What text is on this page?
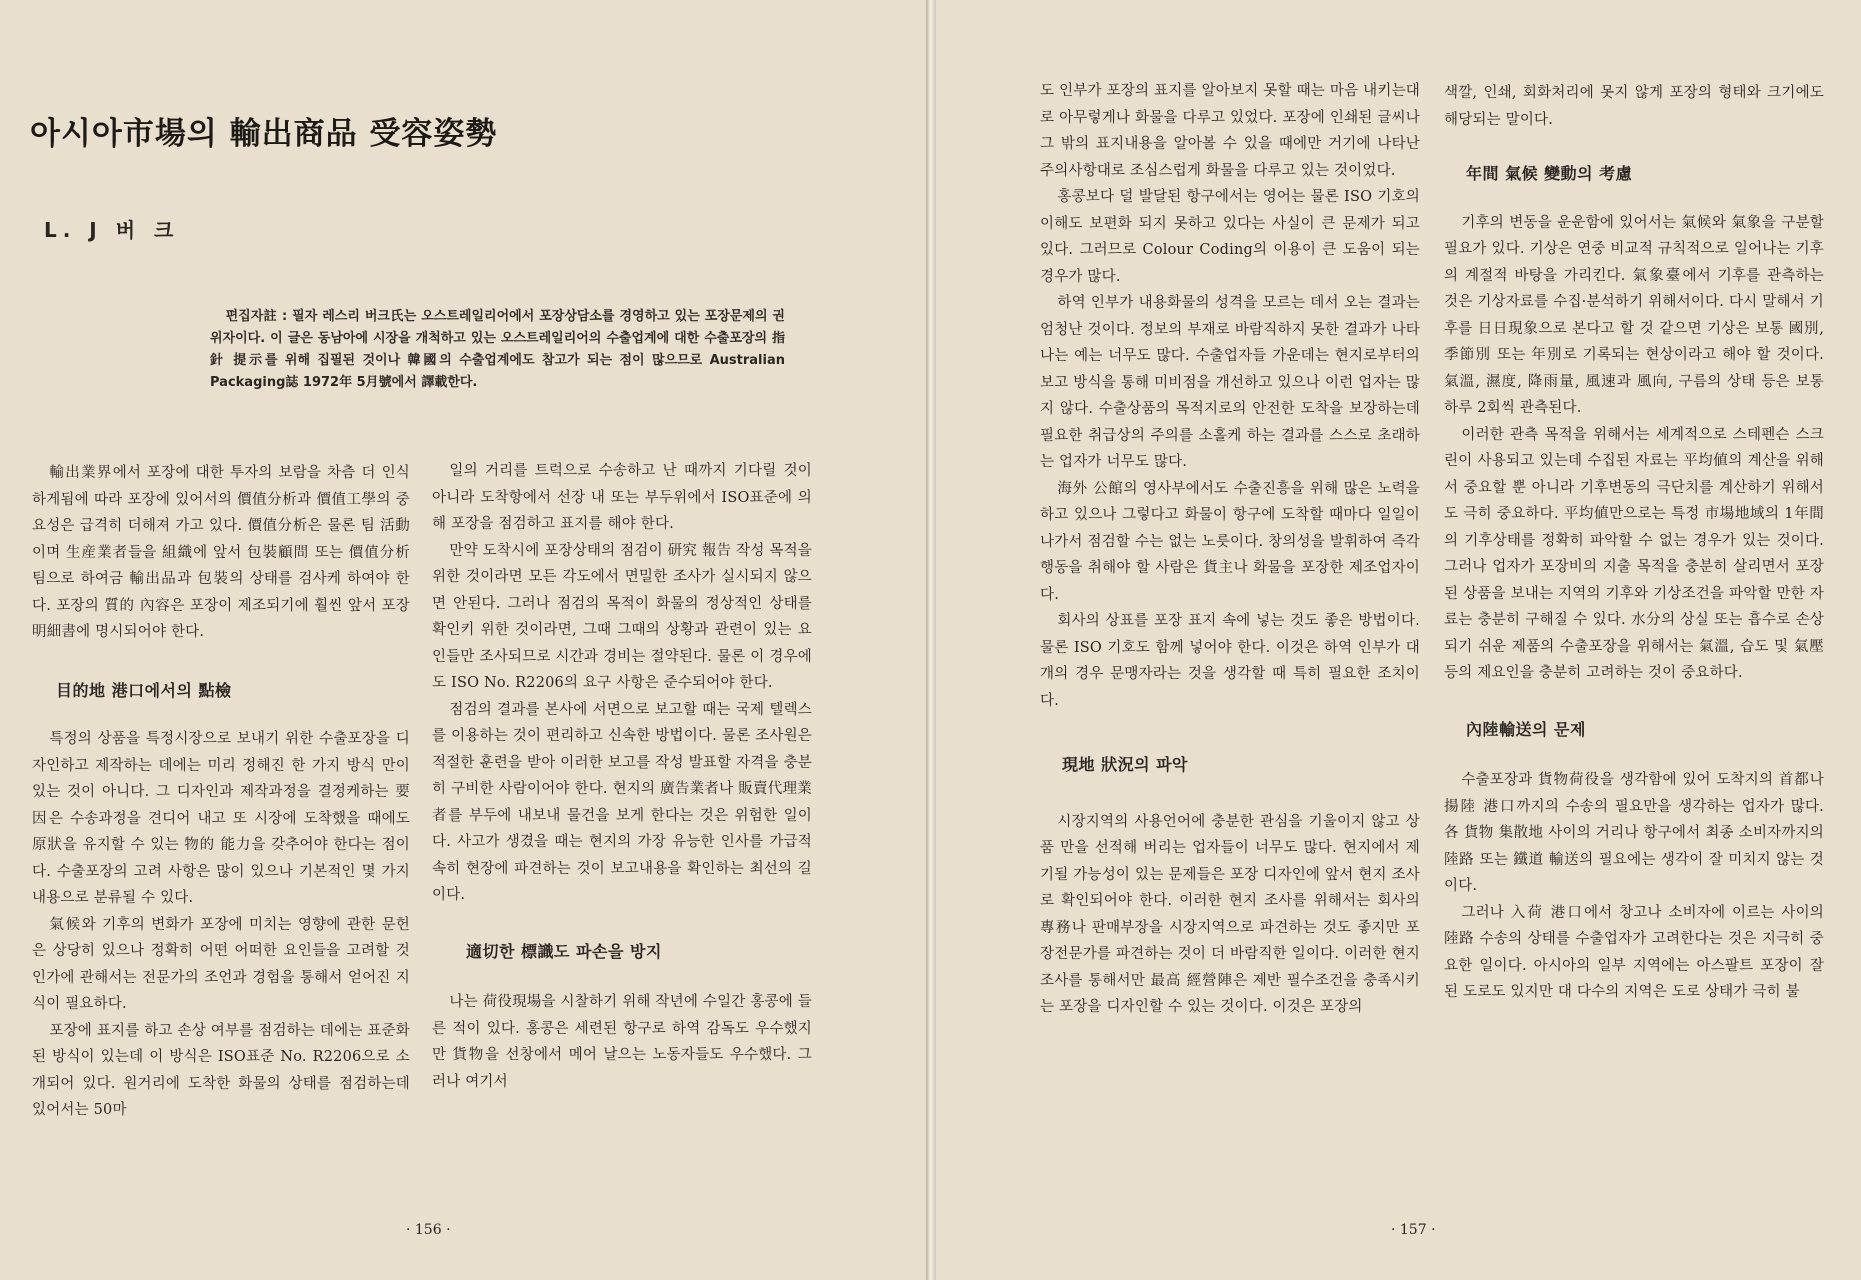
아시아市場의 輸出商品 受容姿勢
L. J 버 크
편집자註 : 필자 레스리 버크氏는 오스트레일리어에서 포장상담소를 경영하고 있는 포장문제의 권위자이다. 이 글은 동남아에 시장을 개척하고 있는 오스트레일리어의 수출업계에 대한 수출포장의 指針 提示를 위해 집필된 것이나 韓國의 수출업계에도 참고가 되는 점이 많으므로 Australian Packaging誌 1972年 5月號에서 譯載한다.

輸出業界에서 포장에 대한 투자의 보람을 차츰 더 인식하게됨에 따라 포장에 있어서의 價值分析과 價值工學의 중요성은 급격히 더해져 가고 있다. 價值分析은 물론 팀 活動이며 生産業者들을 組織에 앞서 包裝顧問 또는 價值分析 팀으로 하여금 輸出品과 包裝의 상태를 검사케 하여야 한다. 포장의 質的 內容은 포장이 제조되기에 훨씬 앞서 포장明細書에 명시되어야 한다.

目的地 港口에서의 點檢

특정의 상품을 특정시장으로 보내기 위한 수출포장을 디자인하고 제작하는 데에는 미리 정해진 한 가지 방식 만이 있는 것이 아니다. 그 디자인과 제작과정을 결정케하는 要因은 수송과정을 견디어 내고 또 시장에 도착했을 때에도 原狀을 유지할 수 있는 物的 能力을 갖추어야 한다는 점이다. 수출포장의 고려 사항은 많이 있으나 기본적인 몇 가지 내용으로 분류될 수 있다.

氣候와 기후의 변화가 포장에 미치는 영향에 관한 문헌은 상당히 있으나 정확히 어떤 어떠한 요인들을 고려할 것인가에 관해서는 전문가의 조언과 경험을 통해서 얻어진 지식이 필요하다.

포장에 표지를 하고 손상 여부를 점검하는 데에는 표준화된 방식이 있는데 이 방식은 ISO표준 No. R2206으로 소개되어 있다. 원거리에 도착한 화물의 상태를 점검하는데 있어서는 50마

일의 거리를 트럭으로 수송하고 난 때까지 기다릴 것이 아니라 도착항에서 선장 내 또는 부두위에서 ISO표준에 의해 포장을 점검하고 표지를 해야 한다.

만약 도착시에 포장상태의 점검이 研究 報告 작성 목적을 위한 것이라면 모든 각도에서 면밀한 조사가 실시되지 않으면 안된다. 그러나 점검의 목적이 화물의 정상적인 상태를 확인키 위한 것이라면, 그때 그때의 상황과 관련이 있는 요인들만 조사되므로 시간과 경비는 절약된다. 물론 이 경우에도 ISO No. R2206의 요구 사항은 준수되어야 한다.

점검의 결과를 본사에 서면으로 보고할 때는 국제 텔렉스를 이용하는 것이 편리하고 신속한 방법이다. 물론 조사원은 적절한 훈련을 받아 이러한 보고를 작성 발표할 자격을 충분히 구비한 사람이어야 한다. 현지의 廣告業者나 販賣代理業者를 부두에 내보내 물건을 보게 한다는 것은 위험한 일이다. 사고가 생겼을 때는 현지의 가장 유능한 인사를 가급적 속히 현장에 파견하는 것이 보고내용을 확인하는 최선의 길이다.

適切한 標識도 파손을 방지

나는 荷役現場을 시찰하기 위해 작년에 수일간 홍콩에 들른 적이 있다. 홍콩은 세련된 항구로 하역 감독도 우수했지만 貨物을 선창에서 메어 날으는 노동자들도 우수했다. 그러나 여기서

· 156 ·

도 인부가 포장의 표지를 알아보지 못할 때는 마음 내키는대로 아무렇게나 화물을 다루고 있었다. 포장에 인쇄된 글씨나 그 밖의 표지내용을 알아볼 수 있을 때에만 거기에 나타난 주의사항대로 조심스럽게 화물을 다루고 있는 것이었다.

홍콩보다 덜 발달된 항구에서는 영어는 물론 ISO 기호의 이해도 보편화 되지 못하고 있다는 사실이 큰 문제가 되고 있다. 그러므로 Colour Coding의 이용이 큰 도움이 되는 경우가 많다.

하역 인부가 내용화물의 성격을 모르는 데서 오는 결과는 엄청난 것이다. 정보의 부재로 바람직하지 못한 결과가 나타나는 예는 너무도 많다. 수출업자들 가운데는 현지로부터의 보고 방식을 통해 미비점을 개선하고 있으나 이런 업자는 많지 않다. 수출상품의 목적지로의 안전한 도착을 보장하는데 필요한 취급상의 주의를 소홀케 하는 결과를 스스로 초래하는 업자가 너무도 많다.

海外 公館의 영사부에서도 수출진흥을 위해 많은 노력을 하고 있으나 그렇다고 화물이 항구에 도착할 때마다 일일이 나가서 점검할 수는 없는 노릇이다. 창의성을 발휘하여 즉각 행동을 취해야 할 사람은 貨主나 화물을 포장한 제조업자이다.

회사의 상표를 포장 표지 속에 넣는 것도 좋은 방법이다. 물론 ISO 기호도 함께 넣어야 한다. 이것은 하역 인부가 대개의 경우 문맹자라는 것을 생각할 때 특히 필요한 조치이다.

現地 狀況의 파악

시장지역의 사용언어에 충분한 관심을 기울이지 않고 상품 만을 선적해 버리는 업자들이 너무도 많다. 현지에서 제기될 가능성이 있는 문제들은 포장 디자인에 앞서 현지 조사로 확인되어야 한다. 이러한 현지 조사를 위해서는 회사의 專務나 판매부장을 시장지역으로 파견하는 것도 좋지만 포장전문가를 파견하는 것이 더 바람직한 일이다. 이러한 현지 조사를 통해서만 最高 經營陣은 제반 필수조건을 충족시키는 포장을 디자인할 수 있는 것이다. 이것은 포장의

색깔, 인쇄, 회화처리에 못지 않게 포장의 형태와 크기에도 해당되는 말이다.

年間 氣候 變動의 考慮

기후의 변동을 운운함에 있어서는 氣候와 氣象을 구분할 필요가 있다. 기상은 연중 비교적 규칙적으로 일어나는 기후의 계절적 바탕을 가리킨다. 氣象臺에서 기후를 관측하는 것은 기상자료를 수집·분석하기 위해서이다. 다시 말해서 기후를 日日現象으로 본다고 할 것 같으면 기상은 보통 國別, 季節別 또는 年別로 기록되는 현상이라고 해야 할 것이다. 氣溫, 濕度, 降雨量, 風速과 風向, 구름의 상태 등은 보통 하루 2회씩 관측된다.

이러한 관측 목적을 위해서는 세계적으로 스테펜슨 스크린이 사용되고 있는데 수집된 자료는 平均値의 계산을 위해서 중요할 뿐 아니라 기후변동의 극단치를 계산하기 위해서도 극히 중요하다. 平均値만으로는 특정 市場地域의 1年間의 기후상태를 정확히 파악할 수 없는 경우가 있는 것이다. 그러나 업자가 포장비의 지출 목적을 충분히 살리면서 포장된 상품을 보내는 지역의 기후와 기상조건을 파악할 만한 자료는 충분히 구해질 수 있다. 水分의 상실 또는 흡수로 손상되기 쉬운 제품의 수출포장을 위해서는 氣溫, 습도 및 氣壓 등의 제요인을 충분히 고려하는 것이 중요하다.

內陸輸送의 문제

수출포장과 貨物荷役을 생각함에 있어 도착지의 首都나 揚陸 港口까지의 수송의 필요만을 생각하는 업자가 많다. 各 貨物 集散地 사이의 거리나 항구에서 최종 소비자까지의 陸路 또는 鐵道 輸送의 필요에는 생각이 잘 미치지 않는 것이다.

그러나 入荷 港口에서 창고나 소비자에 이르는 사이의 陸路 수송의 상태를 수출업자가 고려한다는 것은 지극히 중요한 일이다. 아시아의 일부 지역에는 아스팔트 포장이 잘 된 도로도 있지만 대 다수의 지역은 도로 상태가 극히 불

· 157 ·
